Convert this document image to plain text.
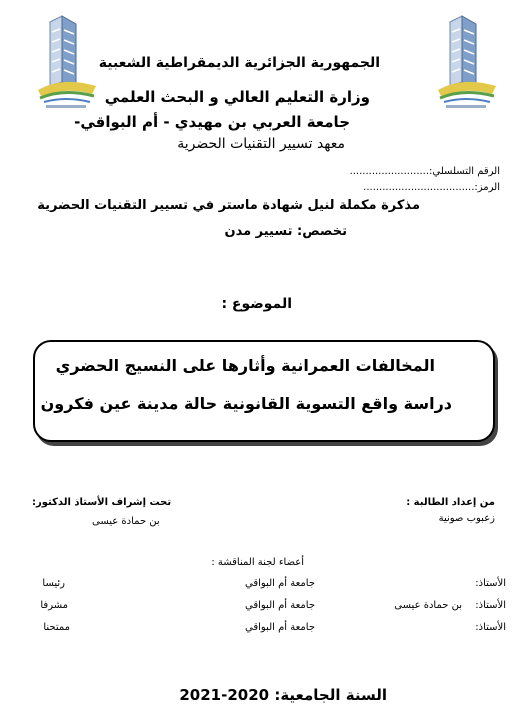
الجمهورية الجزائرية الديمقراطية الشعبية
وزارة التعليم العالي و البحث العلمي
جامعة العربي بن مهيدي - أم البواقي-
معهد تسيير التقنيات الحضرية
الرقم التسلسلي:.........................
الرمز:...................................
مذكرة مكملة لنيل شهادة ماستر في تسيير التقنيات الحضرية
تخصص: تسيير مدن
الموضوع :
المخالفات العمرانية وأثارها على النسيج الحضري
دراسة واقع التسوية القانونية حالة مدينة عين فكرون
من إعداد الطالبة :
زعبوب صونية
تحت إشراف الأستاذ الدكتور:
بن حمادة عيسى
أعضاء لجنة المناقشة :
الأستاذ:
جامعة أم البواقي
رئيسا
الأستاذ:
بن حمادة عيسى
جامعة أم البواقي
مشرفا
الأستاذ:
جامعة أم البواقي
ممتحنا
السنة الجامعية: 2020-2021
